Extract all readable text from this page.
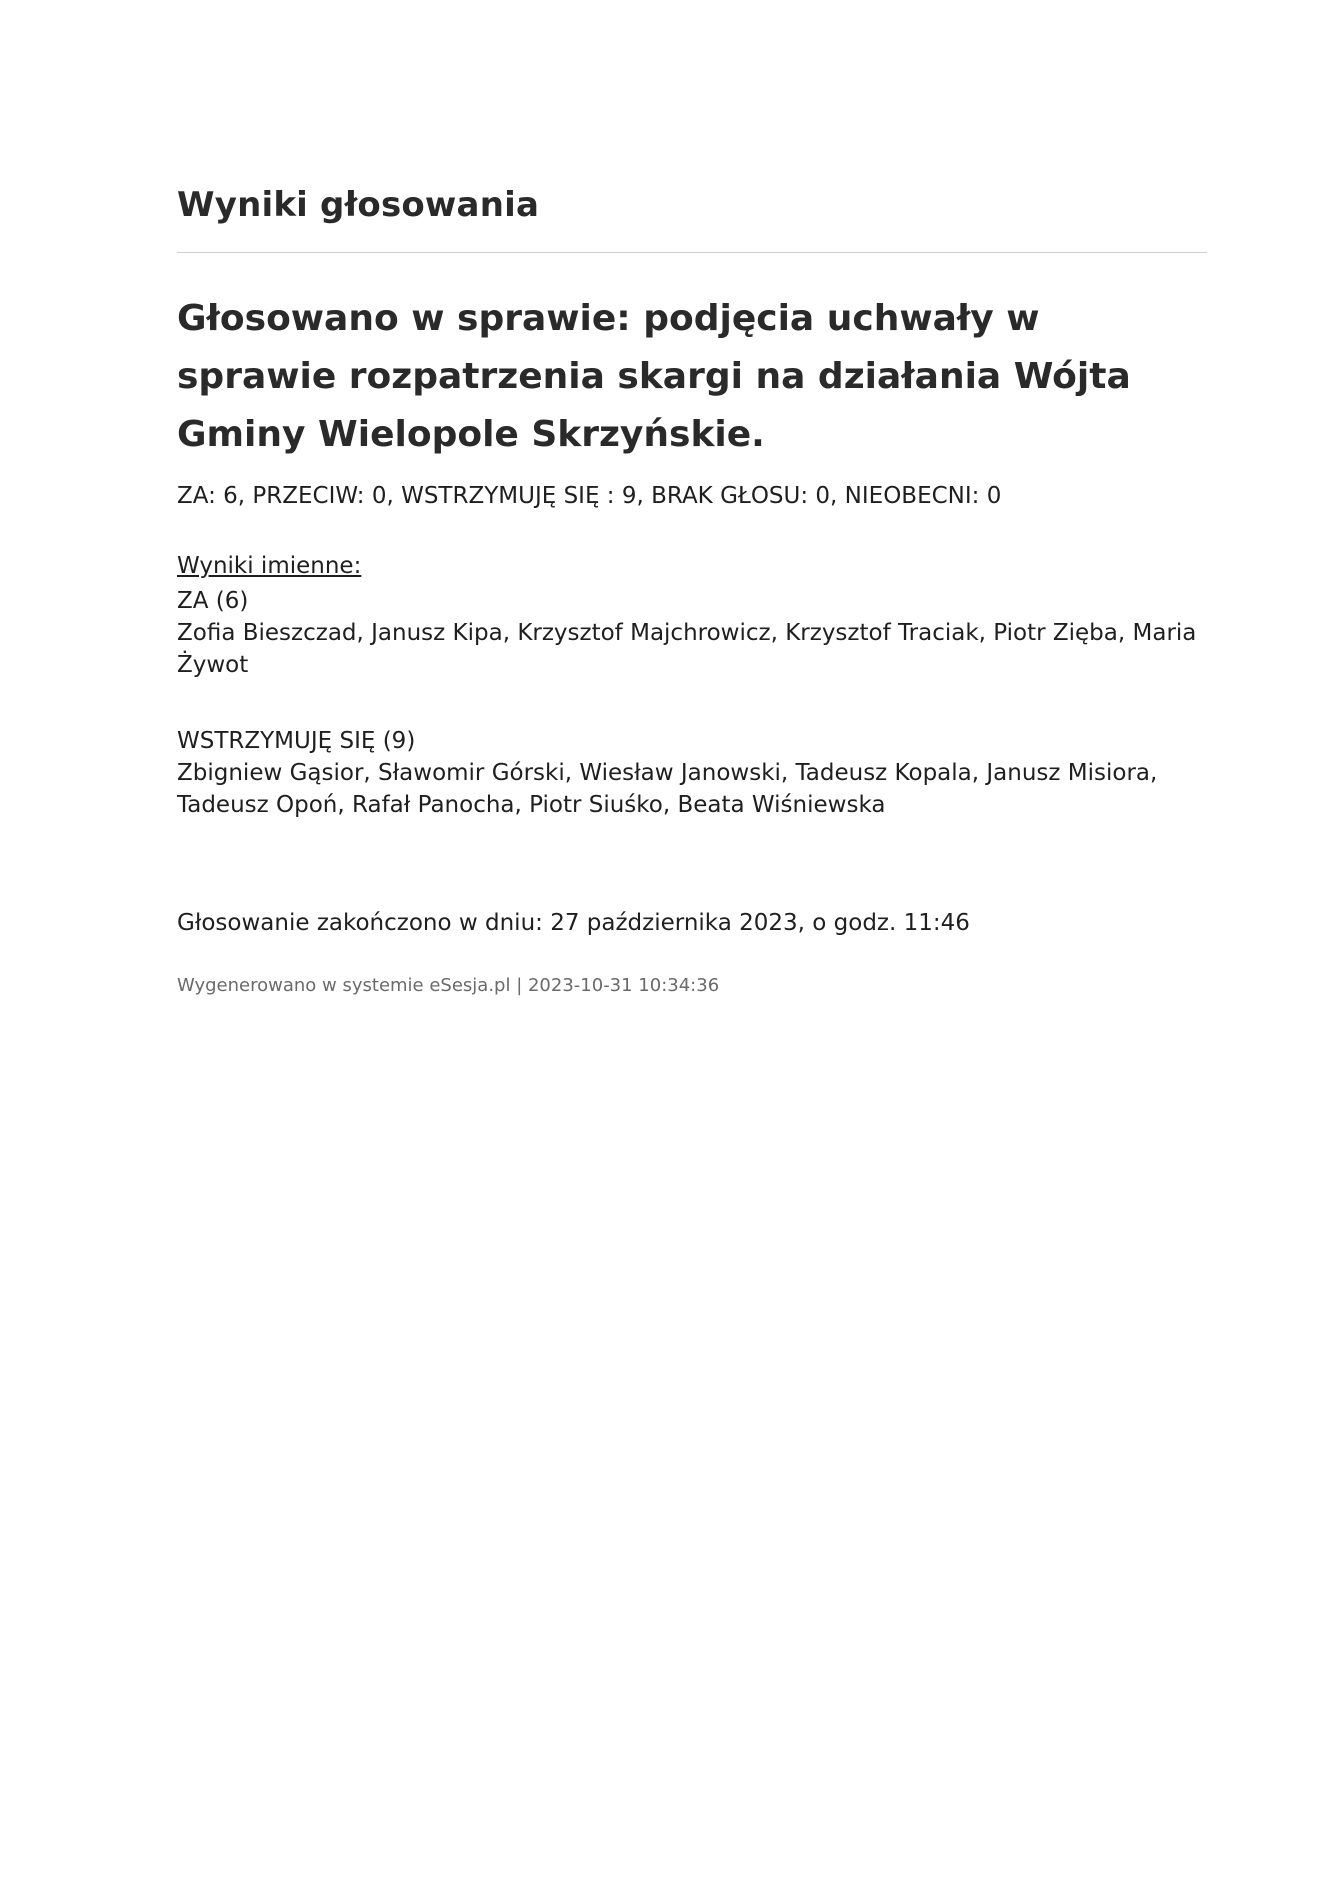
Wyniki głosowania
Głosowano w sprawie: podjęcia uchwały w sprawie rozpatrzenia skargi na działania Wójta Gminy Wielopole Skrzyńskie.
ZA: 6, PRZECIW: 0, WSTRZYMUJĘ SIĘ : 9, BRAK GŁOSU: 0, NIEOBECNI: 0
Wyniki imienne:
ZA (6)
Zofia Bieszczad, Janusz Kipa, Krzysztof Majchrowicz, Krzysztof Traciak, Piotr Zięba, Maria Żywot
WSTRZYMUJĘ SIĘ (9)
Zbigniew Gąsior, Sławomir Górski, Wiesław Janowski, Tadeusz Kopala, Janusz Misiora, Tadeusz Opoń, Rafał Panocha, Piotr Siuśko, Beata Wiśniewska
Głosowanie zakończono w dniu: 27 października 2023, o godz. 11:46
Wygenerowano w systemie eSesja.pl | 2023-10-31 10:34:36
